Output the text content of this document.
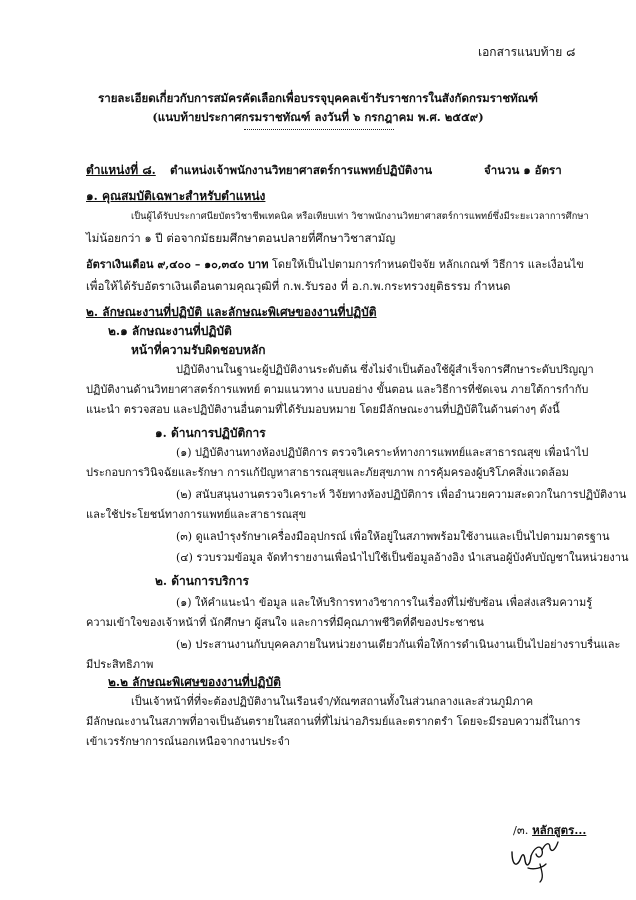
เอกสารแนบท้าย ๘
รายละเอียดเกี่ยวกับการสมัครคัดเลือกเพื่อบรรจุบุคคลเข้ารับราชการในสังกัดกรมราชทัณฑ์
(แนบท้ายประกาศกรมราชทัณฑ์ ลงวันที่ ๖ กรกฎาคม พ.ศ. ๒๕๕๙)
ตำแหน่งที่ ๘. ตำแหน่งเจ้าพนักงานวิทยาศาสตร์การแพทย์ปฏิบัติงาน	จำนวน ๑ อัตรา
๑. คุณสมบัติเฉพาะสำหรับตำแหน่ง
เป็นผู้ได้รับประกาศนียบัตรวิชาชีพเทคนิค หรือเทียบเท่า วิชาพนักงานวิทยาศาสตร์การแพทย์ซึ่งมีระยะเวลาการศึกษา
ไม่น้อยกว่า ๑ ปี ต่อจากมัธยมศึกษาตอนปลายที่ศึกษาวิชาสามัญ
อัตราเงินเดือน ๙,๔๐๐ – ๑๐,๓๔๐ บาท โดยให้เป็นไปตามการกำหนดปัจจัย หลักเกณฑ์ วิธีการ และเงื่อนไข
เพื่อให้ได้รับอัตราเงินเดือนตามคุณวุฒิที่ ก.พ.รับรอง ที่ อ.ก.พ.กระทรวงยุติธรรม กำหนด
๒. ลักษณะงานที่ปฏิบัติ และลักษณะพิเศษของงานที่ปฏิบัติ
๒.๑ ลักษณะงานที่ปฏิบัติ
หน้าที่ความรับผิดชอบหลัก
ปฏิบัติงานในฐานะผู้ปฏิบัติงานระดับต้น ซึ่งไม่จำเป็นต้องใช้ผู้สำเร็จการศึกษาระดับปริญญา
ปฏิบัติงานด้านวิทยาศาสตร์การแพทย์ ตามแนวทาง แบบอย่าง ขั้นตอน และวิธีการที่ชัดเจน ภายใต้การกำกับ
แนะนำ ตรวจสอบ และปฏิบัติงานอื่นตามที่ได้รับมอบหมาย โดยมีลักษณะงานที่ปฏิบัติในด้านต่างๆ ดังนี้
๑. ด้านการปฏิบัติการ
(๑) ปฏิบัติงานทางห้องปฏิบัติการ ตรวจวิเคราะห์ทางการแพทย์และสาธารณสุข เพื่อนำไป
ประกอบการวินิจฉัยและรักษา การแก้ปัญหาสาธารณสุขและภัยสุขภาพ การคุ้มครองผู้บริโภคสิ่งแวดล้อม
(๒) สนับสนุนงานตรวจวิเคราะห์ วิจัยทางห้องปฏิบัติการ เพื่ออำนวยความสะดวกในการปฏิบัติงาน
และใช้ประโยชน์ทางการแพทย์และสาธารณสุข
(๓) ดูแลบำรุงรักษาเครื่องมืออุปกรณ์ เพื่อให้อยู่ในสภาพพร้อมใช้งานและเป็นไปตามมาตรฐาน
(๔) รวบรวมข้อมูล จัดทำรายงานเพื่อนำไปใช้เป็นข้อมูลอ้างอิง นำเสนอผู้บังคับบัญชาในหน่วยงาน
๒. ด้านการบริการ
(๑) ให้คำแนะนำ ข้อมูล และให้บริการทางวิชาการในเรื่องที่ไม่ซับซ้อน เพื่อส่งเสริมความรู้
ความเข้าใจของเจ้าหน้าที่ นักศึกษา ผู้สนใจ และการที่มีคุณภาพชีวิตที่ดีของประชาชน
(๒) ประสานงานกับบุคคลภายในหน่วยงานเดียวกันเพื่อให้การดำเนินงานเป็นไปอย่างราบรื่นและ
มีประสิทธิภาพ
๒.๒ ลักษณะพิเศษของงานที่ปฏิบัติ
เป็นเจ้าหน้าที่ที่จะต้องปฏิบัติงานในเรือนจำ/ทัณฑสถานทั้งในส่วนกลางและส่วนภูมิภาค
มีลักษณะงานในสภาพที่อาจเป็นอันตรายในสถานที่ที่ไม่น่าอภิรมย์และตรากตรำ โดยจะมีรอบความถี่ในการ
เข้าเวรรักษาการณ์นอกเหนือจากงานประจำ
/๓. หลักสูตร...
